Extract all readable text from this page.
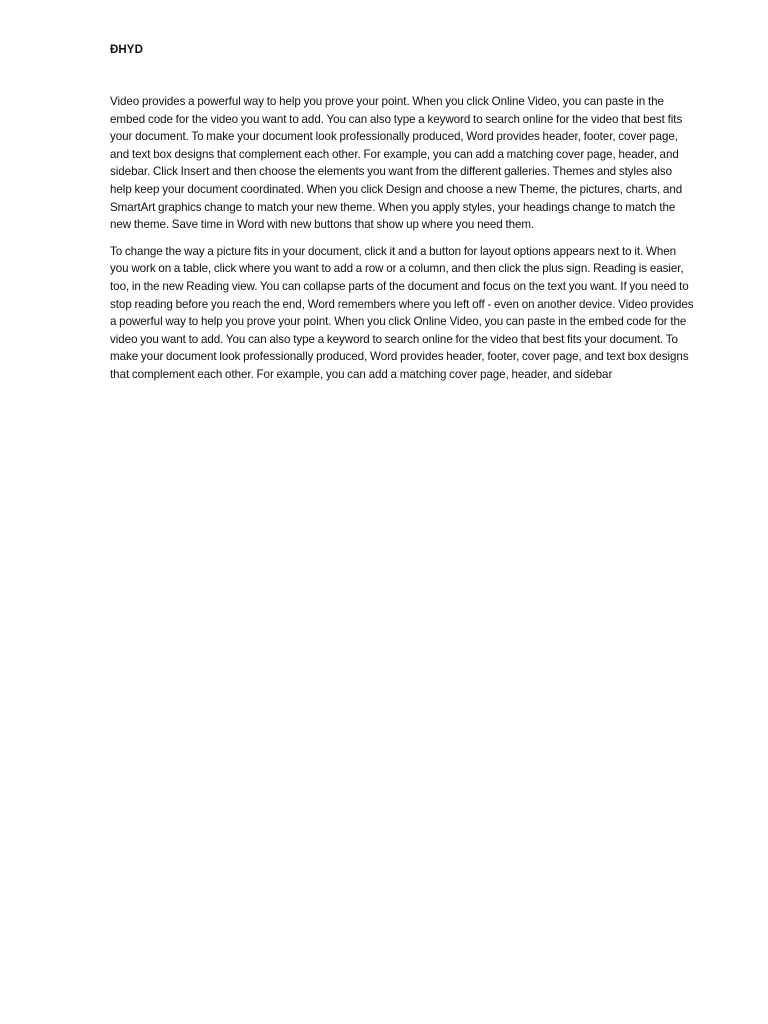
ĐHYD

Video provides a powerful way to help you prove your point. When you click Online Video, you can paste in the embed code for the video you want to add. You can also type a keyword to search online for the video that best fits your document. To make your document look professionally produced, Word provides header, footer, cover page, and text box designs that complement each other. For example, you can add a matching cover page, header, and sidebar. Click Insert and then choose the elements you want from the different galleries. Themes and styles also help keep your document coordinated. When you click Design and choose a new Theme, the pictures, charts, and SmartArt graphics change to match your new theme. When you apply styles, your headings change to match the new theme. Save time in Word with new buttons that show up where you need them.

To change the way a picture fits in your document, click it and a button for layout options appears next to it. When you work on a table, click where you want to add a row or a column, and then click the plus sign. Reading is easier, too, in the new Reading view. You can collapse parts of the document and focus on the text you want. If you need to stop reading before you reach the end, Word remembers where you left off - even on another device. Video provides a powerful way to help you prove your point. When you click Online Video, you can paste in the embed code for the video you want to add. You can also type a keyword to search online for the video that best fits your document. To make your document look professionally produced, Word provides header, footer, cover page, and text box designs that complement each other. For example, you can add a matching cover page, header, and sidebar
